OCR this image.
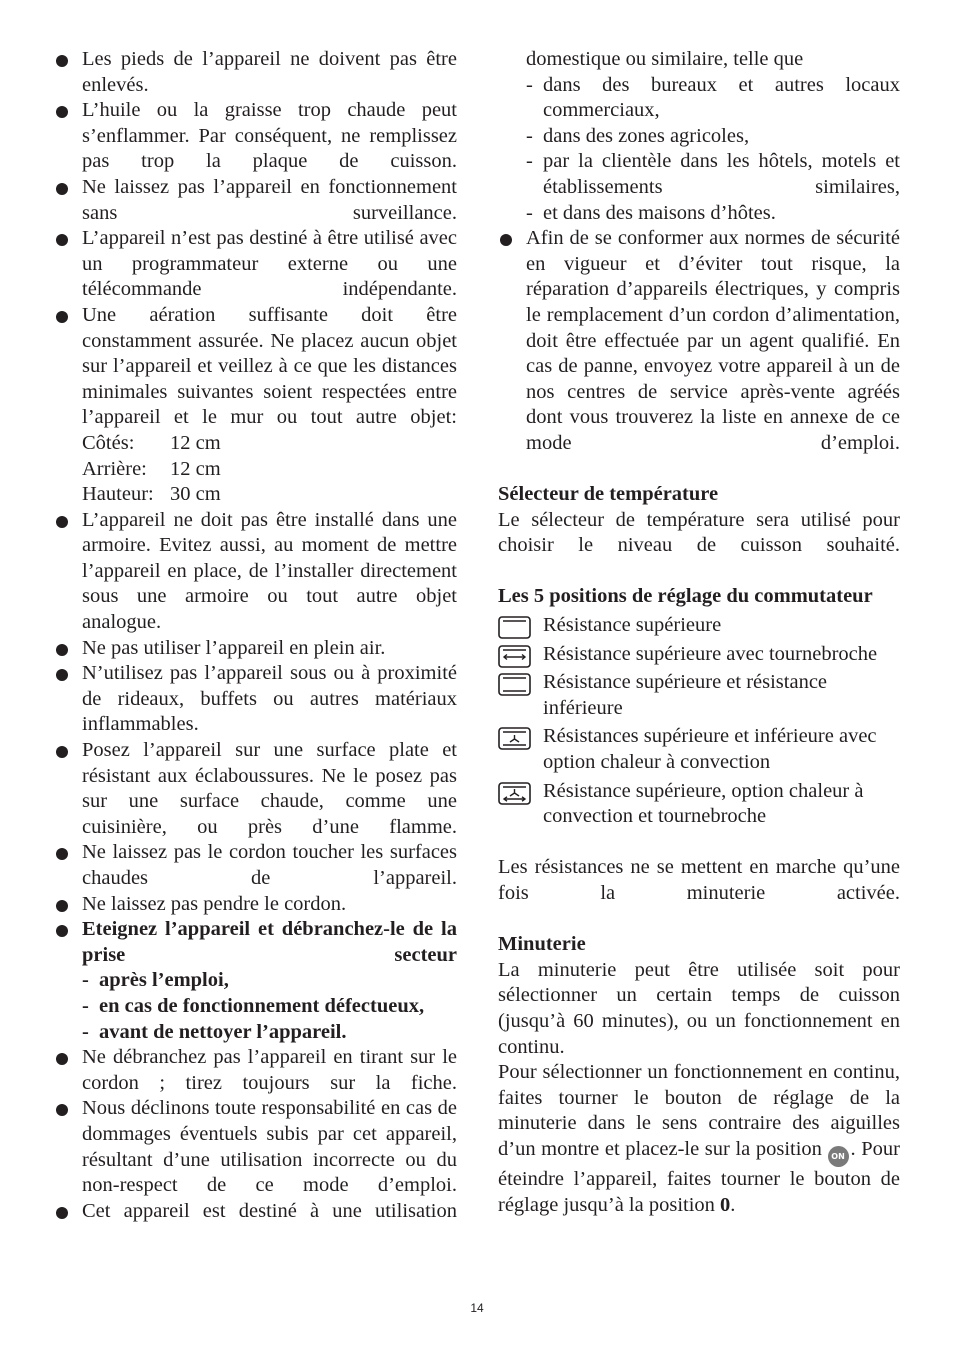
Les pieds de l’appareil ne doivent pas être enlevés.
L’huile ou la graisse trop chaude peut s’enflammer. Par conséquent, ne remplissez pas trop la plaque de cuisson.
Ne laissez pas l’appareil en fonctionnement sans surveillance.
L’appareil n’est pas destiné à être utilisé avec un programmateur externe ou une télécommande indépendante.
Une aération suffisante doit être constamment assurée. Ne placez aucun objet sur l’appareil et veillez à ce que les distances minimales suivantes soient respectées entre l’appareil et le mur ou tout autre objet:
Côtés:	12 cm
Arrière:	12 cm
Hauteur: 30 cm
L’appareil ne doit pas être installé dans une armoire. Evitez aussi, au moment de mettre l’appareil en place, de l’installer directement sous une armoire ou tout autre objet analogue.
Ne pas utiliser l’appareil en plein air.
N’utilisez pas l’appareil sous ou à proximité de rideaux, buffets ou autres matériaux inflammables.
Posez l’appareil sur une surface plate et résistant aux éclaboussures. Ne le posez pas sur une surface chaude, comme une cuisinière, ou près d’une flamme.
Ne laissez pas le cordon toucher les surfaces chaudes de l’appareil.
Ne laissez pas pendre le cordon.
Eteignez l’appareil et débranchez-le de la prise secteur
- après l’emploi,
- en cas de fonctionnement défectueux,
- avant de nettoyer l’appareil.
Ne débranchez pas l’appareil en tirant sur le cordon ; tirez toujours sur la fiche.
Nous déclinons toute responsabilité en cas de dommages éventuels subis par cet appareil, résultant d’une utilisation incorrecte ou du non-respect de ce mode d’emploi.
Cet appareil est destiné à une utilisation
domestique ou similaire, telle que
- dans des bureaux et autres locaux commerciaux,
- dans des zones agricoles,
- par la clientèle dans les hôtels, motels et établissements similaires,
- et dans des maisons d’hôtes.
Afin de se conformer aux normes de sécurité en vigueur et d’éviter tout risque, la réparation d’appareils électriques, y compris le remplacement d’un cordon d’alimentation, doit être effectuée par un agent qualifié. En cas de panne, envoyez votre appareil à un de nos centres de service après-vente agréés dont vous trouverez la liste en annexe de ce mode d’emploi.
Sélecteur de température
Le sélecteur de température sera utilisé pour choisir le niveau de cuisson souhaité.
Les 5 positions de réglage du commutateur
Résistance supérieure
Résistance supérieure avec tournebroche
Résistance supérieure et résistance inférieure
Résistances supérieure et inférieure avec option chaleur à convection
Résistance supérieure, option chaleur à convection et tournebroche
Les résistances ne se mettent en marche qu’une fois la minuterie activée.
Minuterie
La minuterie peut être utilisée soit pour sélectionner un certain temps de cuisson (jusqu’à 60 minutes), ou un fonctionnement en continu.
Pour sélectionner un fonctionnement en continu, faites tourner le bouton de réglage de la minuterie dans le sens contraire des aiguilles d’un montre et placez-le sur la position ON . Pour éteindre l’appareil, faites tourner le bouton de réglage jusqu’à la position 0.
14
